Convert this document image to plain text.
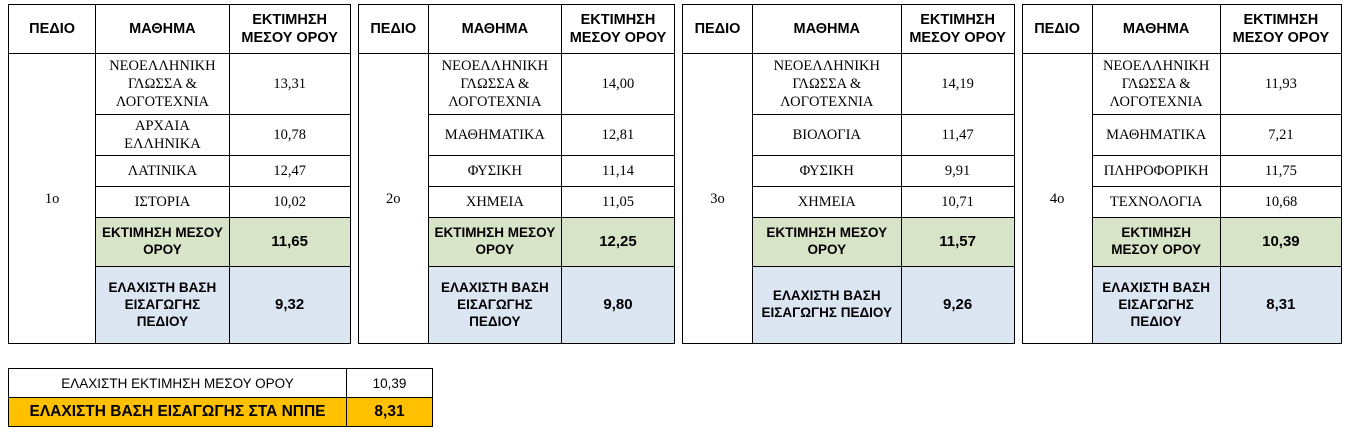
ΠΕΔΙΟ	ΜΑΘΗΜΑ	ΕΚΤΙΜΗΣΗ ΜΕΣΟΥ ΟΡΟΥ		ΠΕΔΙΟ	ΜΑΘΗΜΑ	ΕΚΤΙΜΗΣΗ ΜΕΣΟΥ ΟΡΟΥ		ΠΕΔΙΟ	ΜΑΘΗΜΑ	ΕΚΤΙΜΗΣΗ ΜΕΣΟΥ ΟΡΟΥ		ΠΕΔΙΟ	ΜΑΘΗΜΑ	ΕΚΤΙΜΗΣΗ ΜΕΣΟΥ ΟΡΟΥ
1ο	ΝΕΟΕΛΛΗΝΙΚΗ ΓΛΩΣΣΑ & ΛΟΓΟΤΕΧΝΙΑ	13,31		2ο	ΝΕΟΕΛΛΗΝΙΚΗ ΓΛΩΣΣΑ & ΛΟΓΟΤΕΧΝΙΑ	14,00		3ο	ΝΕΟΕΛΛΗΝΙΚΗ ΓΛΩΣΣΑ & ΛΟΓΟΤΕΧΝΙΑ	14,19		4ο	ΝΕΟΕΛΛΗΝΙΚΗ ΓΛΩΣΣΑ & ΛΟΓΟΤΕΧΝΙΑ	11,93
	ΑΡΧΑΙΑ ΕΛΛΗΝΙΚΑ	10,78			ΜΑΘΗΜΑΤΙΚΑ	12,81			ΒΙΟΛΟΓΙΑ	11,47			ΜΑΘΗΜΑΤΙΚΑ	7,21
	ΛΑΤΙΝΙΚΑ	12,47			ΦΥΣΙΚΗ	11,14			ΦΥΣΙΚΗ	9,91			ΠΛΗΡΟΦΟΡΙΚΗ	11,75
	ΙΣΤΟΡΙΑ	10,02			ΧΗΜΕΙΑ	11,05			ΧΗΜΕΙΑ	10,71			ΤΕΧΝΟΛΟΓΙΑ	10,68
	ΕΚΤΙΜΗΣΗ ΜΕΣΟΥ ΟΡΟΥ	11,65			ΕΚΤΙΜΗΣΗ ΜΕΣΟΥ ΟΡΟΥ	12,25			ΕΚΤΙΜΗΣΗ ΜΕΣΟΥ ΟΡΟΥ	11,57			ΕΚΤΙΜΗΣΗ ΜΕΣΟΥ ΟΡΟΥ	10,39
	ΕΛΑΧΙΣΤΗ ΒΑΣΗ ΕΙΣΑΓΩΓΗΣ ΠΕΔΙΟΥ	9,32			ΕΛΑΧΙΣΤΗ ΒΑΣΗ ΕΙΣΑΓΩΓΗΣ ΠΕΔΙΟΥ	9,80			ΕΛΑΧΙΣΤΗ ΒΑΣΗ ΕΙΣΑΓΩΓΗΣ ΠΕΔΙΟΥ	9,26			ΕΛΑΧΙΣΤΗ ΒΑΣΗ ΕΙΣΑΓΩΓΗΣ ΠΕΔΙΟΥ	8,31
ΕΛΑΧΙΣΤΗ ΕΚΤΙΜΗΣΗ ΜΕΣΟΥ ΟΡΟΥ	10,39
ΕΛΑΧΙΣΤΗ ΒΑΣΗ ΕΙΣΑΓΩΓΗΣ ΣΤΑ ΝΠΠΕ	8,31
